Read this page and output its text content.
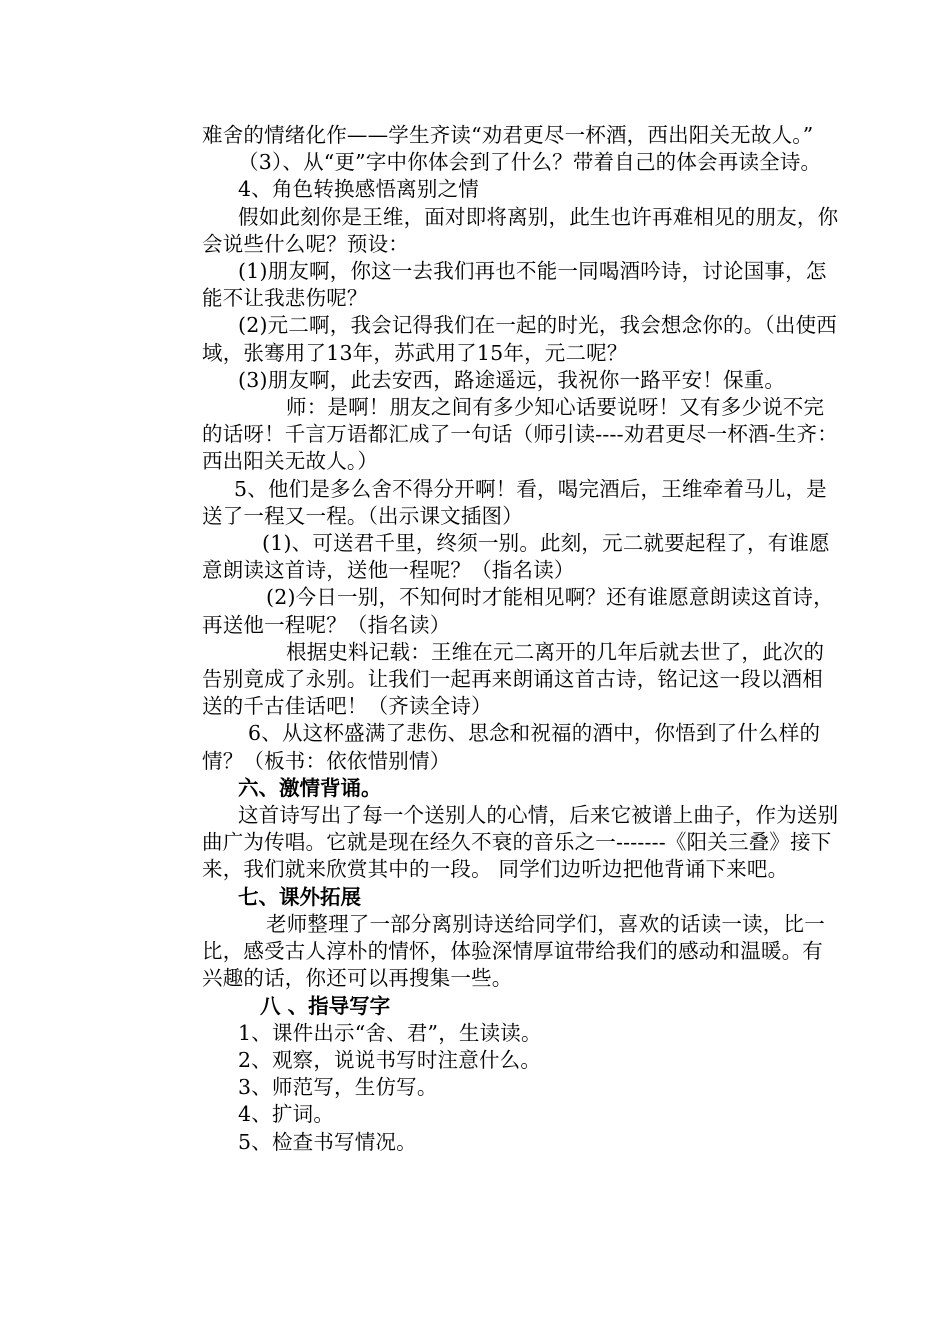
难舍的情绪化作——学生齐读“劝君更尽一杯酒，西出阳关无故人。”

（3）、从“更”字中你体会到了什么？带着自己的体会再读全诗。

4、角色转换感悟离别之情

假如此刻你是王维，面对即将离别，此生也许再难相见的朋友，你会说些什么呢？预设：

(1)朋友啊，你这一去我们再也不能一同喝酒吟诗，讨论国事，怎能不让我悲伤呢？

(2)元二啊，我会记得我们在一起的时光，我会想念你的。（出使西域，张骞用了13年，苏武用了15年，元二呢？

(3)朋友啊，此去安西，路途遥远，我祝你一路平安！保重。

师：是啊！朋友之间有多少知心话要说呀！又有多少说不完的话呀！千言万语都汇成了一句话（师引读----劝君更尽一杯酒-生齐：西出阳关无故人。）

5、他们是多么舍不得分开啊！看，喝完酒后，王维牵着马儿，是送了一程又一程。（出示课文插图）

(1)、可送君千里，终须一别。此刻，元二就要起程了，有谁愿意朗读这首诗，送他一程呢？（指名读）

(2)今日一别，不知何时才能相见啊？还有谁愿意朗读这首诗，再送他一程呢？（指名读）

根据史料记载：王维在元二离开的几年后就去世了，此次的告别竟成了永别。让我们一起再来朗诵这首古诗，铭记这一段以酒相送的千古佳话吧！（齐读全诗）

6、从这杯盛满了悲伤、思念和祝福的酒中，你悟到了什么样的情？（板书：依依惜别情）

六、激情背诵。

这首诗写出了每一个送别人的心情，后来它被谱上曲子，作为送别曲广为传唱。它就是现在经久不衰的音乐之一-------《阳关三叠》接下来，我们就来欣赏其中的一段。 同学们边听边把他背诵下来吧。

七、课外拓展

老师整理了一部分离别诗送给同学们，喜欢的话读一读，比一比，感受古人淳朴的情怀，体验深情厚谊带给我们的感动和温暖。有兴趣的话，你还可以再搜集一些。

八 、指导写字

1、课件出示“舍、君”，生读读。

2、观察，说说书写时注意什么。

3、师范写，生仿写。

4、扩词。

5、检查书写情况。
